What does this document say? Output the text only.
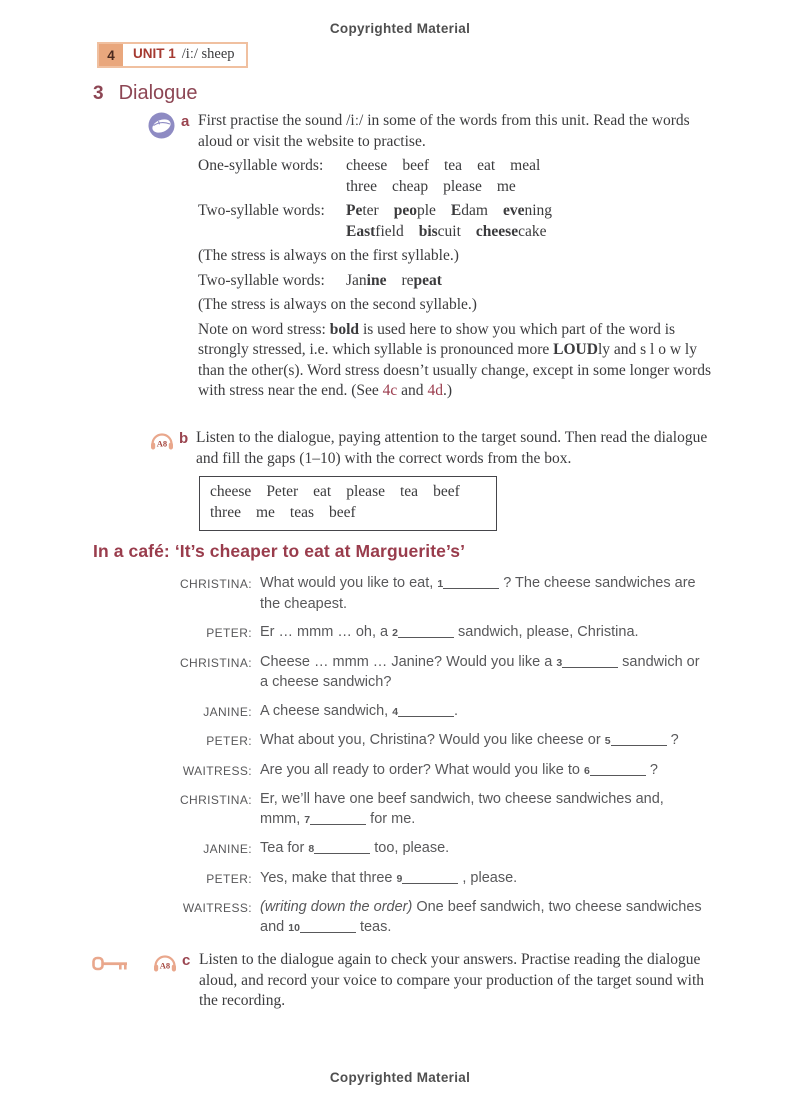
Copyrighted Material
4	UNIT 1 /iː/ sheep
3 Dialogue
a First practise the sound /iː/ in some of the words from this unit. Read the words aloud or visit the website to practise.

One-syllable words:	cheese beef tea eat meal
three cheap please me
Two-syllable words:	Peter people Edam evening
Eastfield biscuit cheesecake

(The stress is always on the first syllable.)

Two-syllable words:	Janine repeat

(The stress is always on the second syllable.)

Note on word stress: bold is used here to show you which part of the word is strongly stressed, i.e. which syllable is pronounced more LOUDly and s l o w ly than the other(s). Word stress doesn’t usually change, except in some longer words with stress near the end. (See 4c and 4d.)

A8 b Listen to the dialogue, paying attention to the target sound. Then read the dialogue and fill the gaps (1–10) with the correct words from the box.

cheese Peter eat please tea beef
three me teas beef
In a café: ‘It’s cheaper to eat at Marguerite’s’
CHRISTINA: What would you like to eat, 1	? The cheese sandwiches are the cheapest.
PETER: Er … mmm … oh, a 2	sandwich, please, Christina.
CHRISTINA: Cheese … mmm … Janine? Would you like a 3	sandwich or a cheese sandwich?
JANINE: A cheese sandwich, 4	.
PETER: What about you, Christina? Would you like cheese or 5	?
WAITRESS: Are you all ready to order? What would you like to 6	?
CHRISTINA: Er, we’ll have one beef sandwich, two cheese sandwiches and, mmm, 7	for me.
JANINE: Tea for 8	too, please.
PETER: Yes, make that three 9	, please.
WAITRESS: (writing down the order) One beef sandwich, two cheese sandwiches and 10	teas.
A8 c Listen to the dialogue again to check your answers. Practise reading the dialogue aloud, and record your voice to compare your production of the target sound with the recording.

Copyrighted Material
